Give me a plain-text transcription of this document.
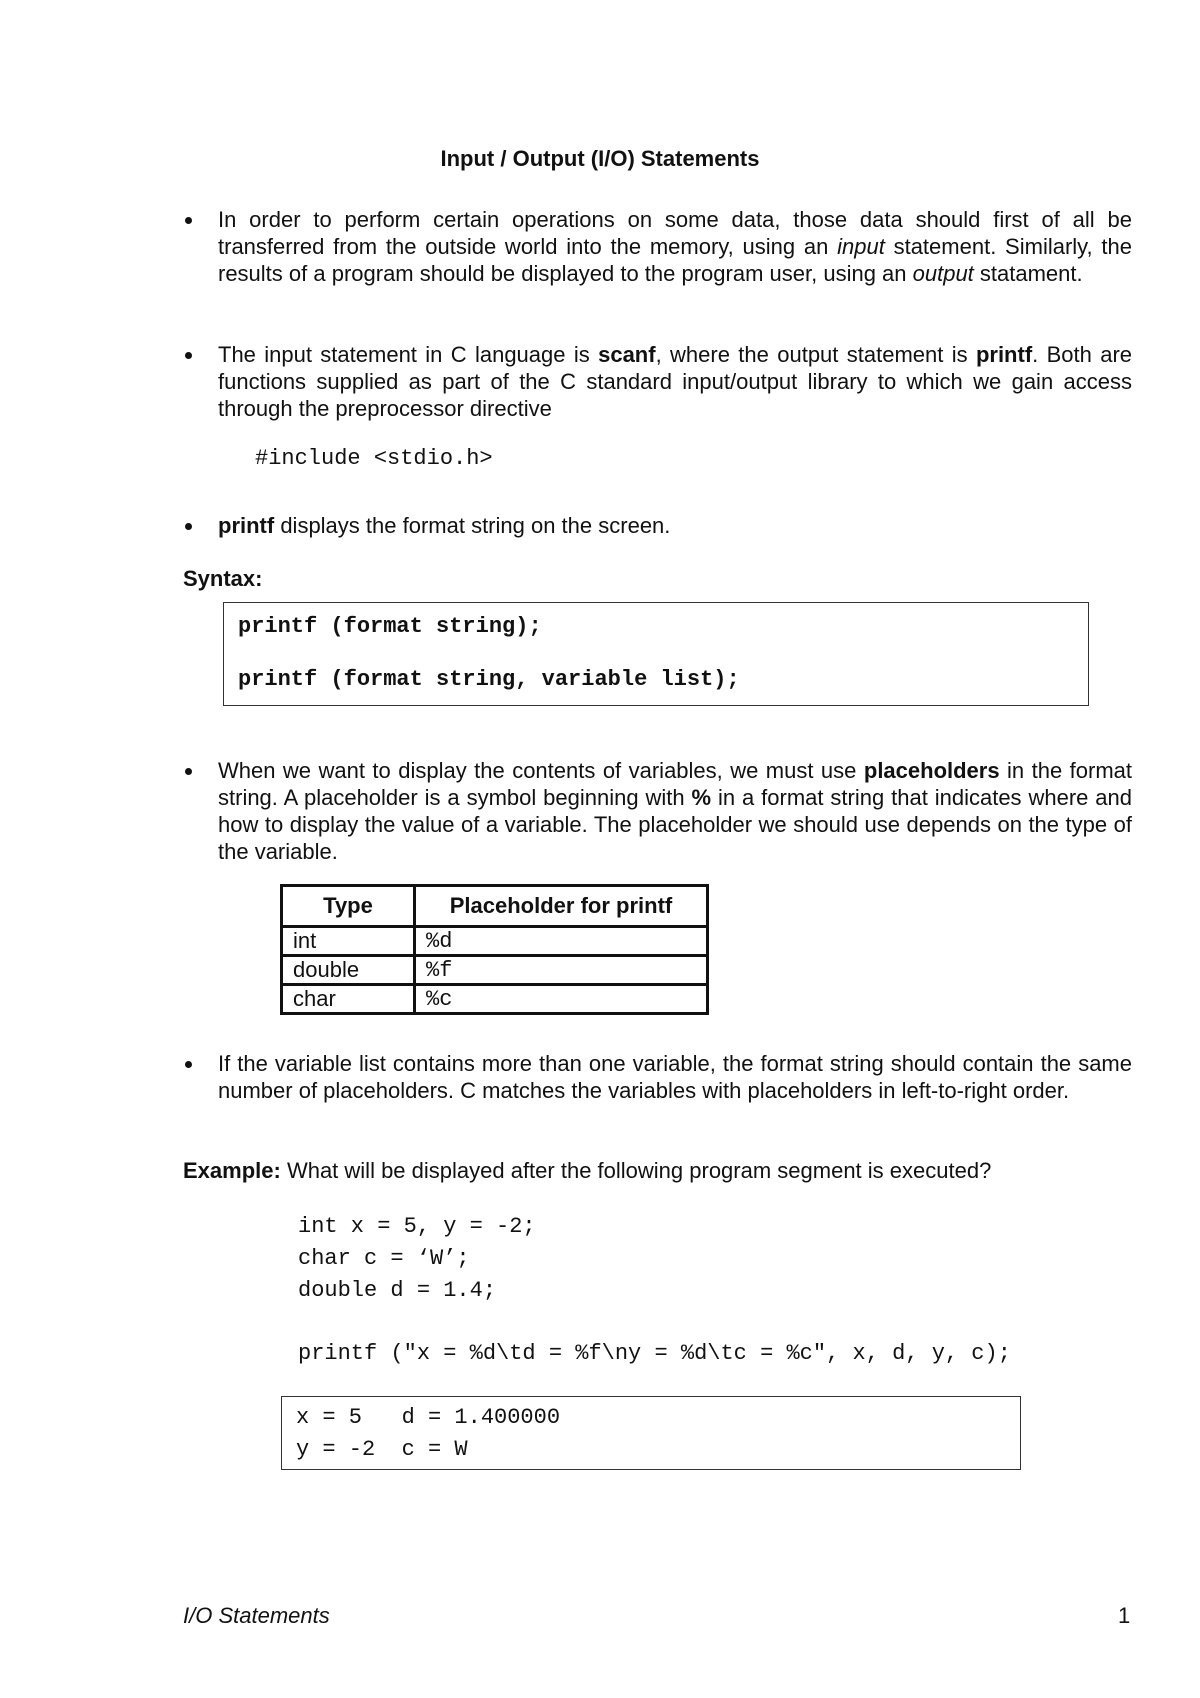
Input / Output (I/O) Statements
In order to perform certain operations on some data, those data should first of all be transferred from the outside world into the memory, using an input statement. Similarly, the results of a program should be displayed to the program user, using an output statament.
The input statement in C language is scanf, where the output statement is printf. Both are functions supplied as part of the C standard input/output library to which we gain access through the preprocessor directive
#include <stdio.h>
printf displays the format string on the screen.
Syntax:
printf (format string);
printf (format string, variable list);
When we want to display the contents of variables, we must use placeholders in the format string. A placeholder is a symbol beginning with % in a format string that indicates where and how to display the value of a variable. The placeholder we should use depends on the type of the variable.
Type	Placeholder for printf
int	%d
double	%f
char	%c
If the variable list contains more than one variable, the format string should contain the same number of placeholders. C matches the variables with placeholders in left-to-right order.
Example: What will be displayed after the following program segment is executed?
int x = 5, y = -2;
char c = ‘W’;
double d = 1.4;
printf ("x = %d\td = %f\ny = %d\tc = %c", x, d, y, c);
x = 5   d = 1.400000
y = -2  c = W
I/O Statements	1
